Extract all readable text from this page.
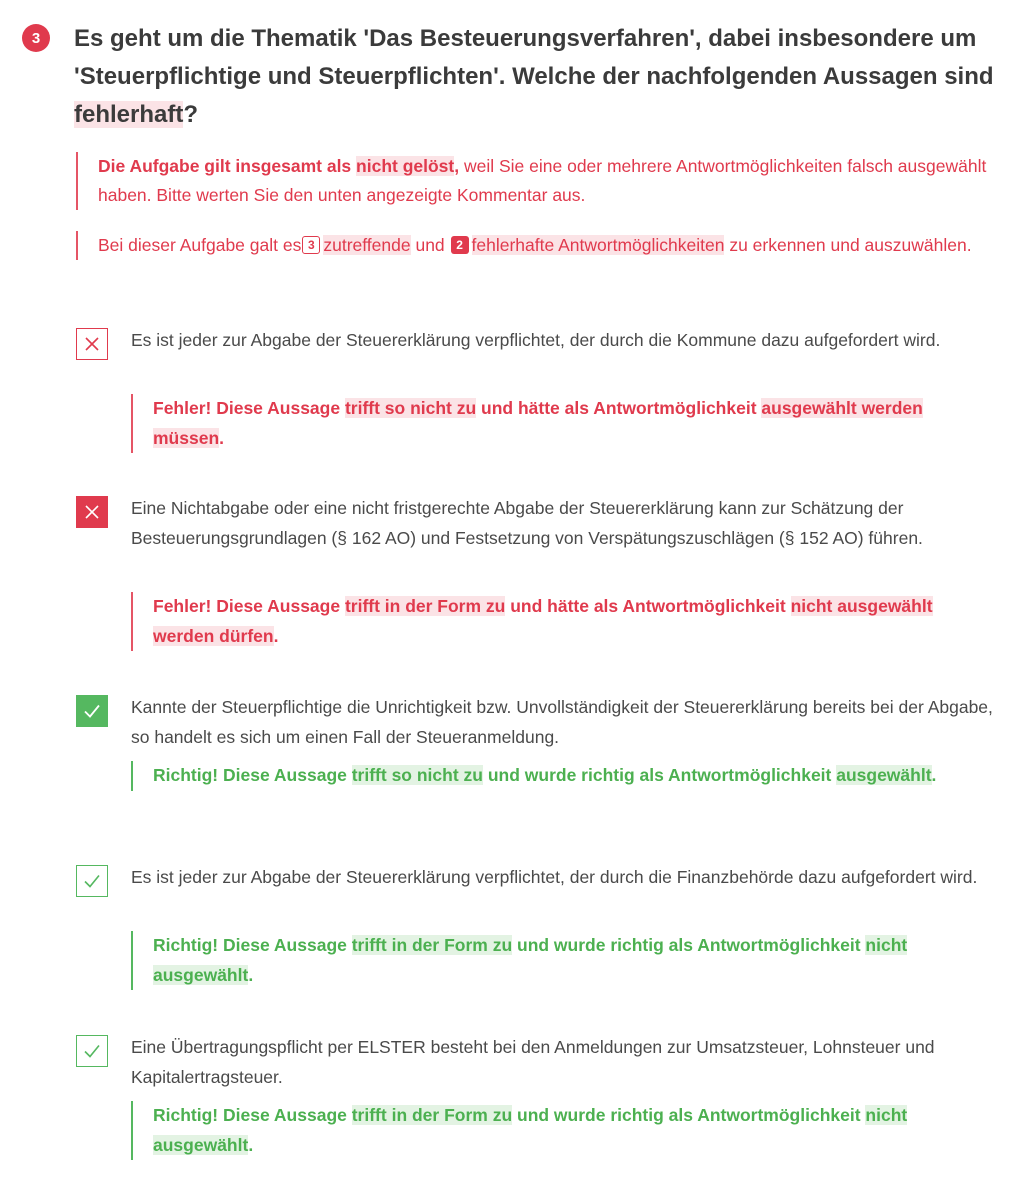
3	Es geht um die Thematik 'Das Besteuerungsverfahren', dabei insbesondere um 'Steuerpflichtige und Steuerpflichten'. Welche der nachfolgenden Aussagen sind fehlerhaft?
Die Aufgabe gilt insgesamt als nicht gelöst, weil Sie eine oder mehrere Antwortmöglichkeiten falsch ausgewählt haben. Bitte werten Sie den unten angezeigte Kommentar aus.
Bei dieser Aufgabe galt es 3 zutreffende und 2 fehlerhafte Antwortmöglichkeiten zu erkennen und auszuwählen.
Es ist jeder zur Abgabe der Steuererklärung verpflichtet, der durch die Kommune dazu aufgefordert wird.
Fehler! Diese Aussage trifft so nicht zu und hätte als Antwortmöglichkeit ausgewählt werden müssen.
Eine Nichtabgabe oder eine nicht fristgerechte Abgabe der Steuererklärung kann zur Schätzung der Besteuerungsgrundlagen (§ 162 AO) und Festsetzung von Verspätungszuschlägen (§ 152 AO) führen.
Fehler! Diese Aussage trifft in der Form zu und hätte als Antwortmöglichkeit nicht ausgewählt werden dürfen.
Kannte der Steuerpflichtige die Unrichtigkeit bzw. Unvollständigkeit der Steuererklärung bereits bei der Abgabe, so handelt es sich um einen Fall der Steueranmeldung.
Richtig! Diese Aussage trifft so nicht zu und wurde richtig als Antwortmöglichkeit ausgewählt.
Es ist jeder zur Abgabe der Steuererklärung verpflichtet, der durch die Finanzbehörde dazu aufgefordert wird.
Richtig! Diese Aussage trifft in der Form zu und wurde richtig als Antwortmöglichkeit nicht ausgewählt.
Eine Übertragungspflicht per ELSTER besteht bei den Anmeldungen zur Umsatzsteuer, Lohnsteuer und Kapitalertragsteuer.
Richtig! Diese Aussage trifft in der Form zu und wurde richtig als Antwortmöglichkeit nicht ausgewählt.
